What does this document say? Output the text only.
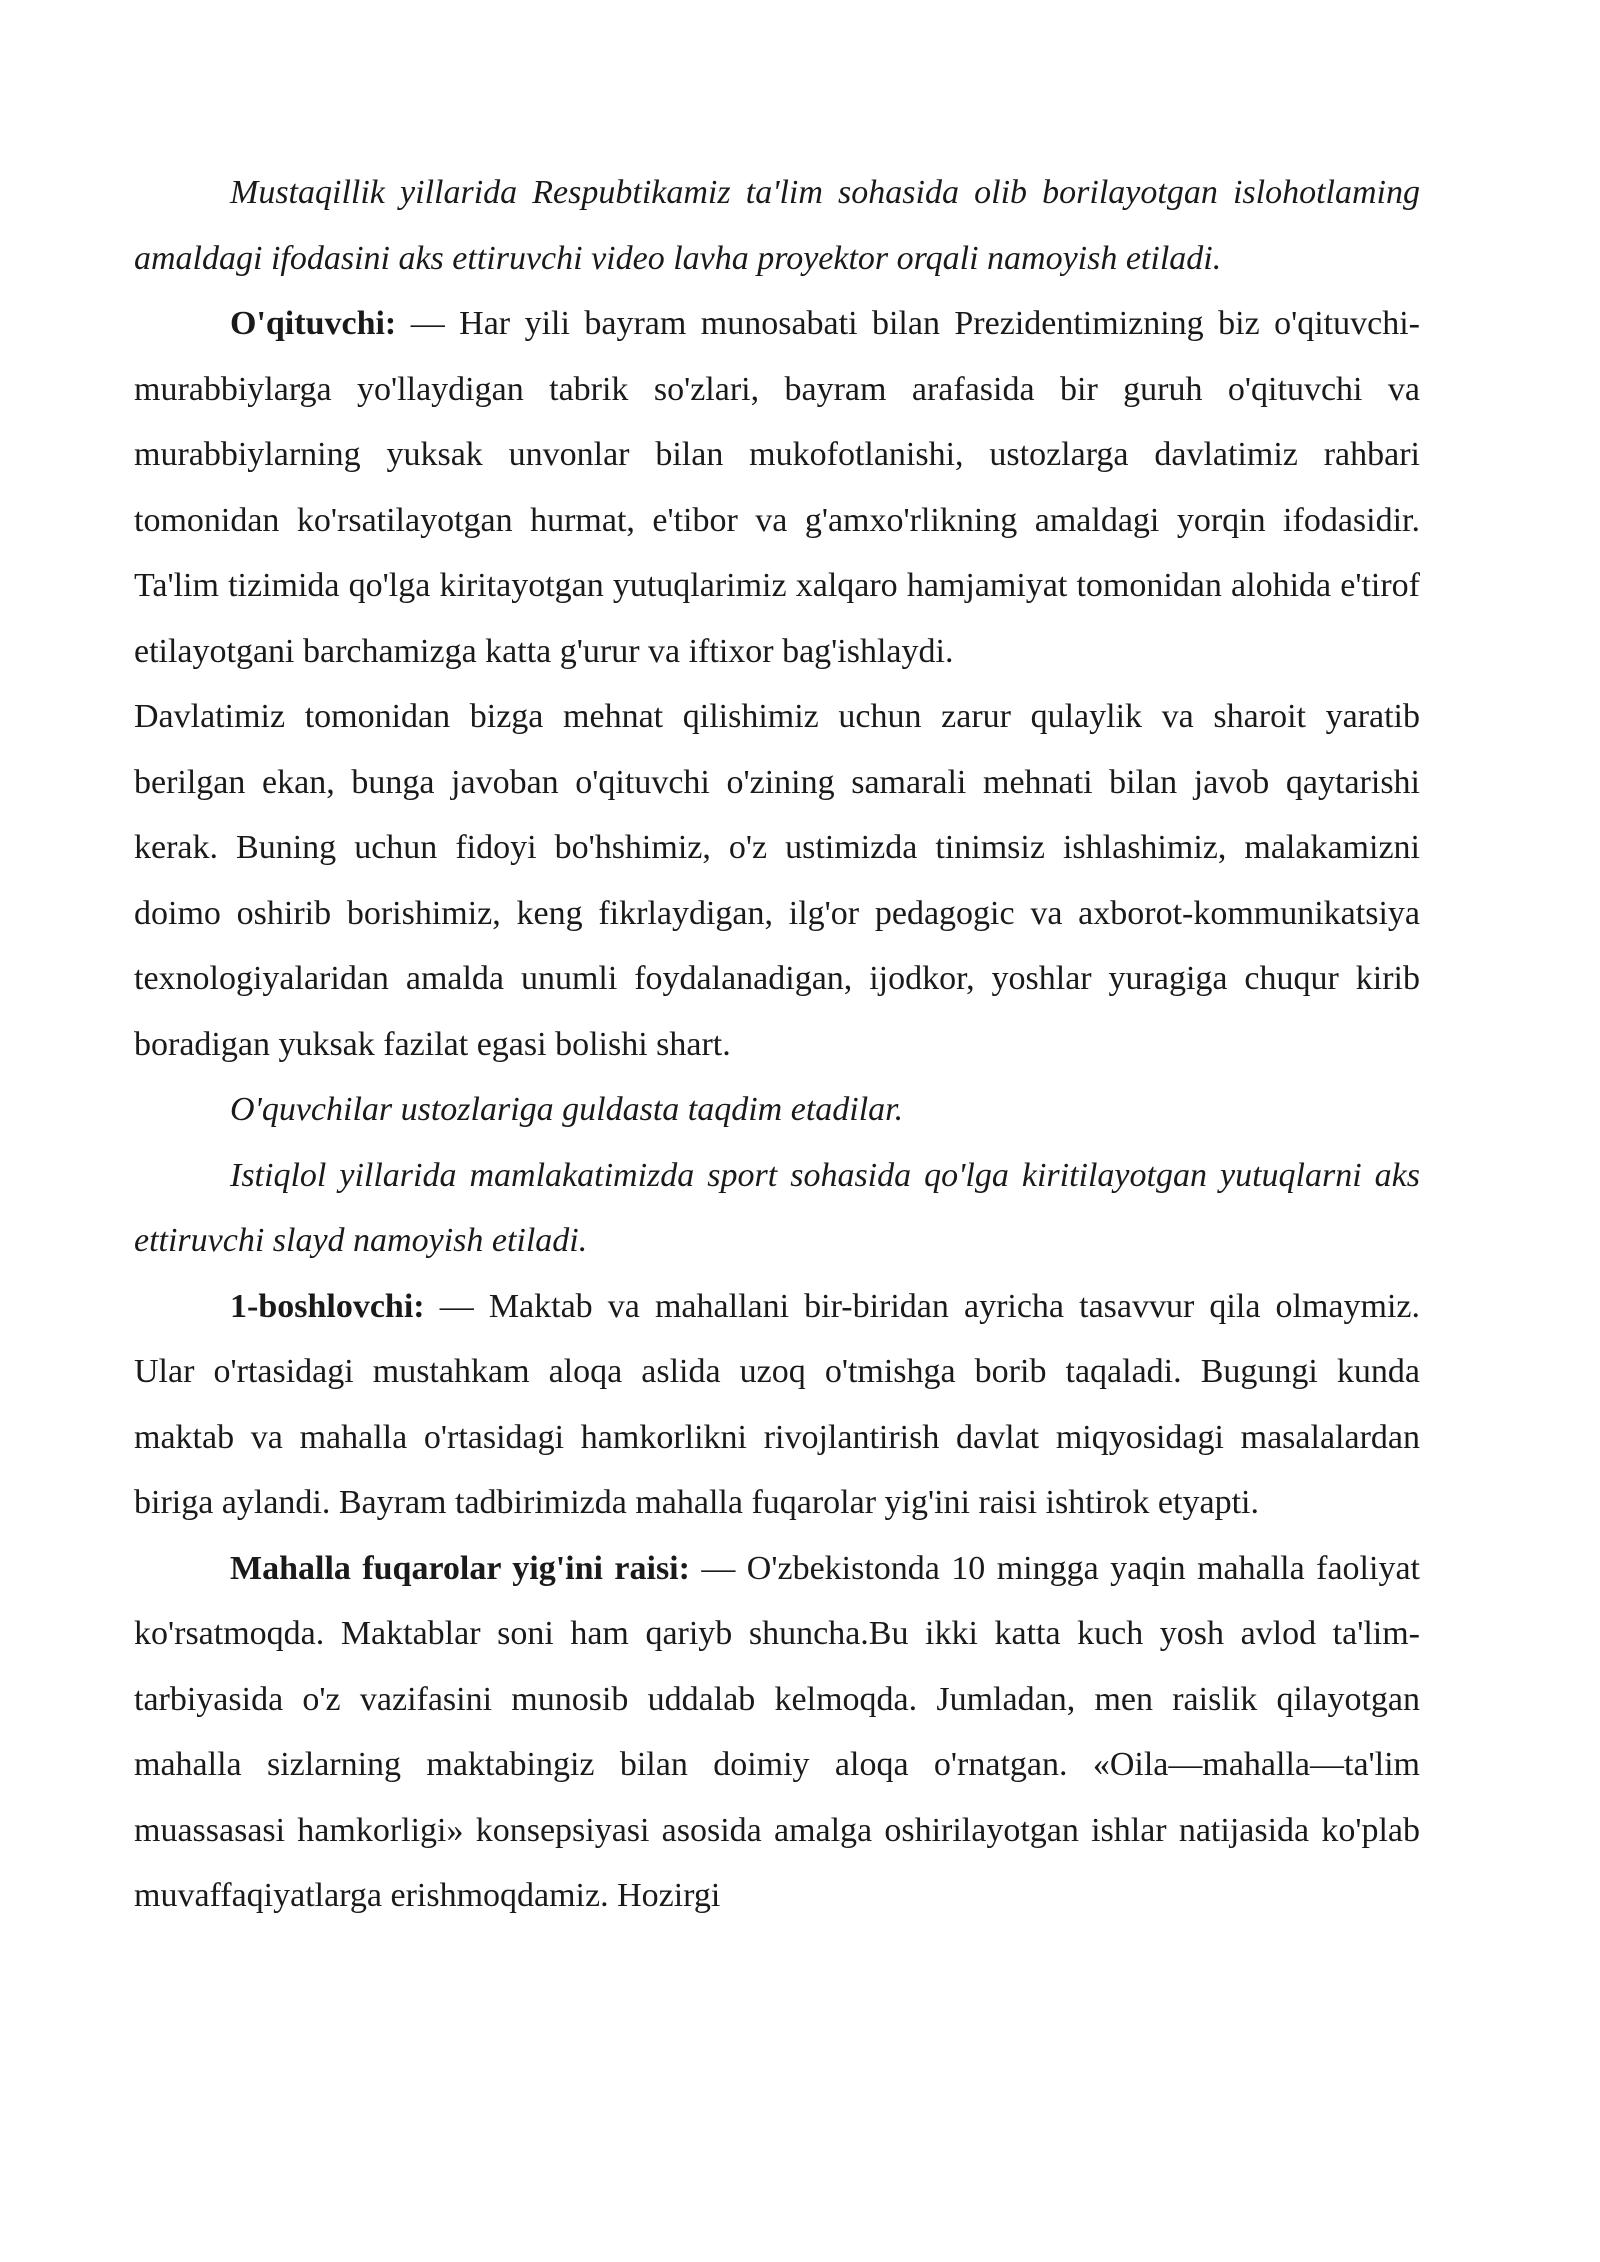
Mustaqillik yillarida Respubtikamiz ta'lim sohasida olib borilayotgan islohotlaming amaldagi ifodasini aks ettiruvchi video lavha proyektor orqali namoyish etiladi.

O'qituvchi: — Har yili bayram munosabati bilan Prezidentimizning biz o'qituvchi-murabbiylarga yo'llaydigan tabrik so'zlari, bayram arafasida bir guruh o'qituvchi va murabbiylarning yuksak unvonlar bilan mukofotlanishi, ustozlarga davlatimiz rahbari tomonidan ko'rsatilayotgan hurmat, e'tibor va g'amxo'rlikning amaldagi yorqin ifodasidir. Ta'lim tizimida qo'lga kiritayotgan yutuqlarimiz xalqaro hamjamiyat tomonidan alohida e'tirof etilayotgani barchamizga katta g'urur va iftixor bag'ishlaydi.

Davlatimiz tomonidan bizga mehnat qilishimiz uchun zarur qulaylik va sharoit yaratib berilgan ekan, bunga javoban o'qituvchi o'zining samarali mehnati bilan javob qaytarishi kerak. Buning uchun fidoyi bo'hshimiz, o'z ustimizda tinimsiz ishlashimiz, malakamizni doimo oshirib borishimiz, keng fikrlaydigan, ilg'or pedagogic va axborot-kommunikatsiya texnologiyalaridan amalda unumli foydalanadigan, ijodkor, yoshlar yuragiga chuqur kirib boradigan yuksak fazilat egasi bolishi shart.

O'quvchilar ustozlariga guldasta taqdim etadilar.

Istiqlol yillarida mamlakatimizda sport sohasida qo'lga kiritilayotgan yutuqlarni aks ettiruvchi slayd namoyish etiladi.

1-boshlovchi: — Maktab va mahallani bir-biridan ayricha tasavvur qila olmaymiz. Ular o'rtasidagi mustahkam aloqa aslida uzoq o'tmishga borib taqaladi. Bugungi kunda maktab va mahalla o'rtasidagi hamkorlikni rivojlantirish davlat miqyosidagi masalalardan biriga aylandi. Bayram tadbirimizda mahalla fuqarolar yig'ini raisi ishtirok etyapti.

Mahalla fuqarolar yig'ini raisi: — O'zbekistonda 10 mingga yaqin mahalla faoliyat ko'rsatmoqda. Maktablar soni ham qariyb shuncha.Bu ikki katta kuch yosh avlod ta'lim-tarbiyasida o'z vazifasini munosib uddalab kelmoqda. Jumladan, men raislik qilayotgan mahalla sizlarning maktabingiz bilan doimiy aloqa o'rnatgan. «Oila—mahalla—ta'lim muassasasi hamkorligi» konsepsiyasi asosida amalga oshirilayotgan ishlar natijasida ko'plab muvaffaqiyatlarga erishmoqdamiz. Hozirgi
